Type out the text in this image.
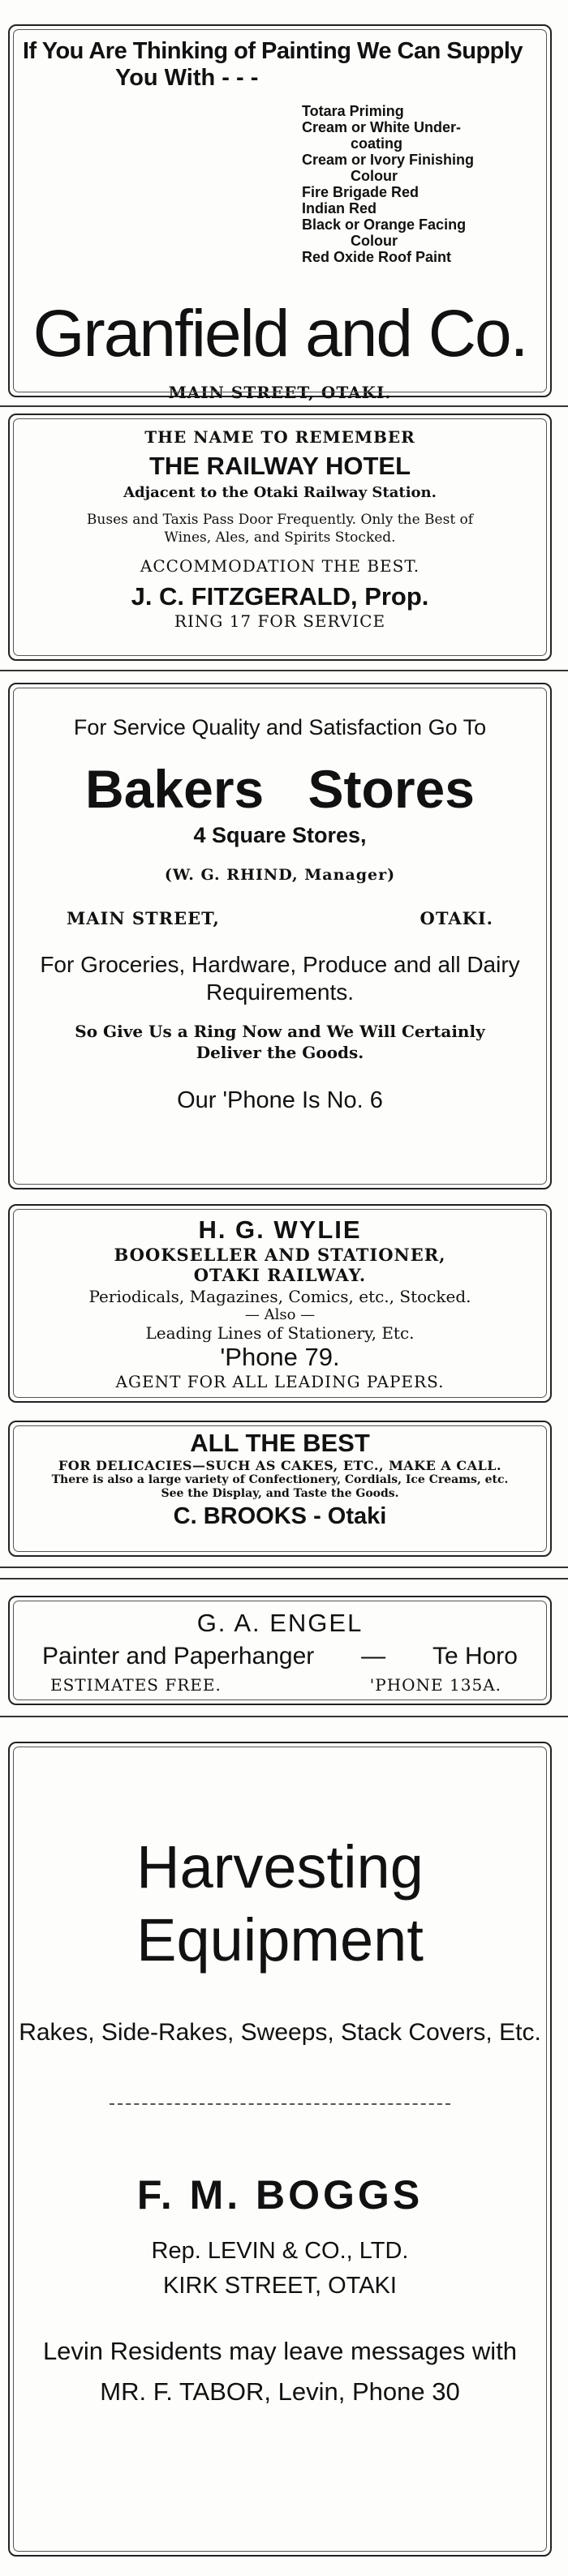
If You Are Thinking of Painting We Can Supply
You With - - -
Totara Priming
Cream or White Under-
coating
Cream or Ivory Finishing
Colour
Fire Brigade Red
Indian Red
Black or Orange Facing
Colour
Red Oxide Roof Paint
Granfield and Co.
MAIN STREET, OTAKI.
THE NAME TO REMEMBER
THE RAILWAY HOTEL
Adjacent to the Otaki Railway Station.
Buses and Taxis Pass Door Frequently. Only the Best of
Wines, Ales, and Spirits Stocked.
ACCOMMODATION THE BEST.
J. C. FITZGERALD, Prop.
RING 17 FOR SERVICE
For Service Quality and Satisfaction Go To
Bakers Stores
4 Square Stores,
(W. G. RHIND, Manager)
MAIN STREET,	OTAKI.
For Groceries, Hardware, Produce and all Dairy
Requirements.
So Give Us a Ring Now and We Will Certainly
Deliver the Goods.
Our 'Phone Is No. 6
H. G. WYLIE
BOOKSELLER AND STATIONER,
OTAKI RAILWAY.
Periodicals, Magazines, Comics, etc., Stocked.
— Also —
Leading Lines of Stationery, Etc.
'Phone 79.
AGENT FOR ALL LEADING PAPERS.
ALL THE BEST
FOR DELICACIES—SUCH AS CAKES, ETC., MAKE A CALL.
There is also a large variety of Confectionery, Cordials, Ice Creams, etc.
See the Display, and Taste the Goods.
C. BROOKS - Otaki
G. A. ENGEL
Painter and Paperhanger — Te Horo
ESTIMATES FREE.	'PHONE 135A.
Harvesting
Equipment
Rakes, Side-Rakes, Sweeps, Stack Covers, Etc.
F. M. BOGGS
Rep. LEVIN & CO., LTD.
KIRK STREET, OTAKI
Levin Residents may leave messages with
MR. F. TABOR, Levin, Phone 30
